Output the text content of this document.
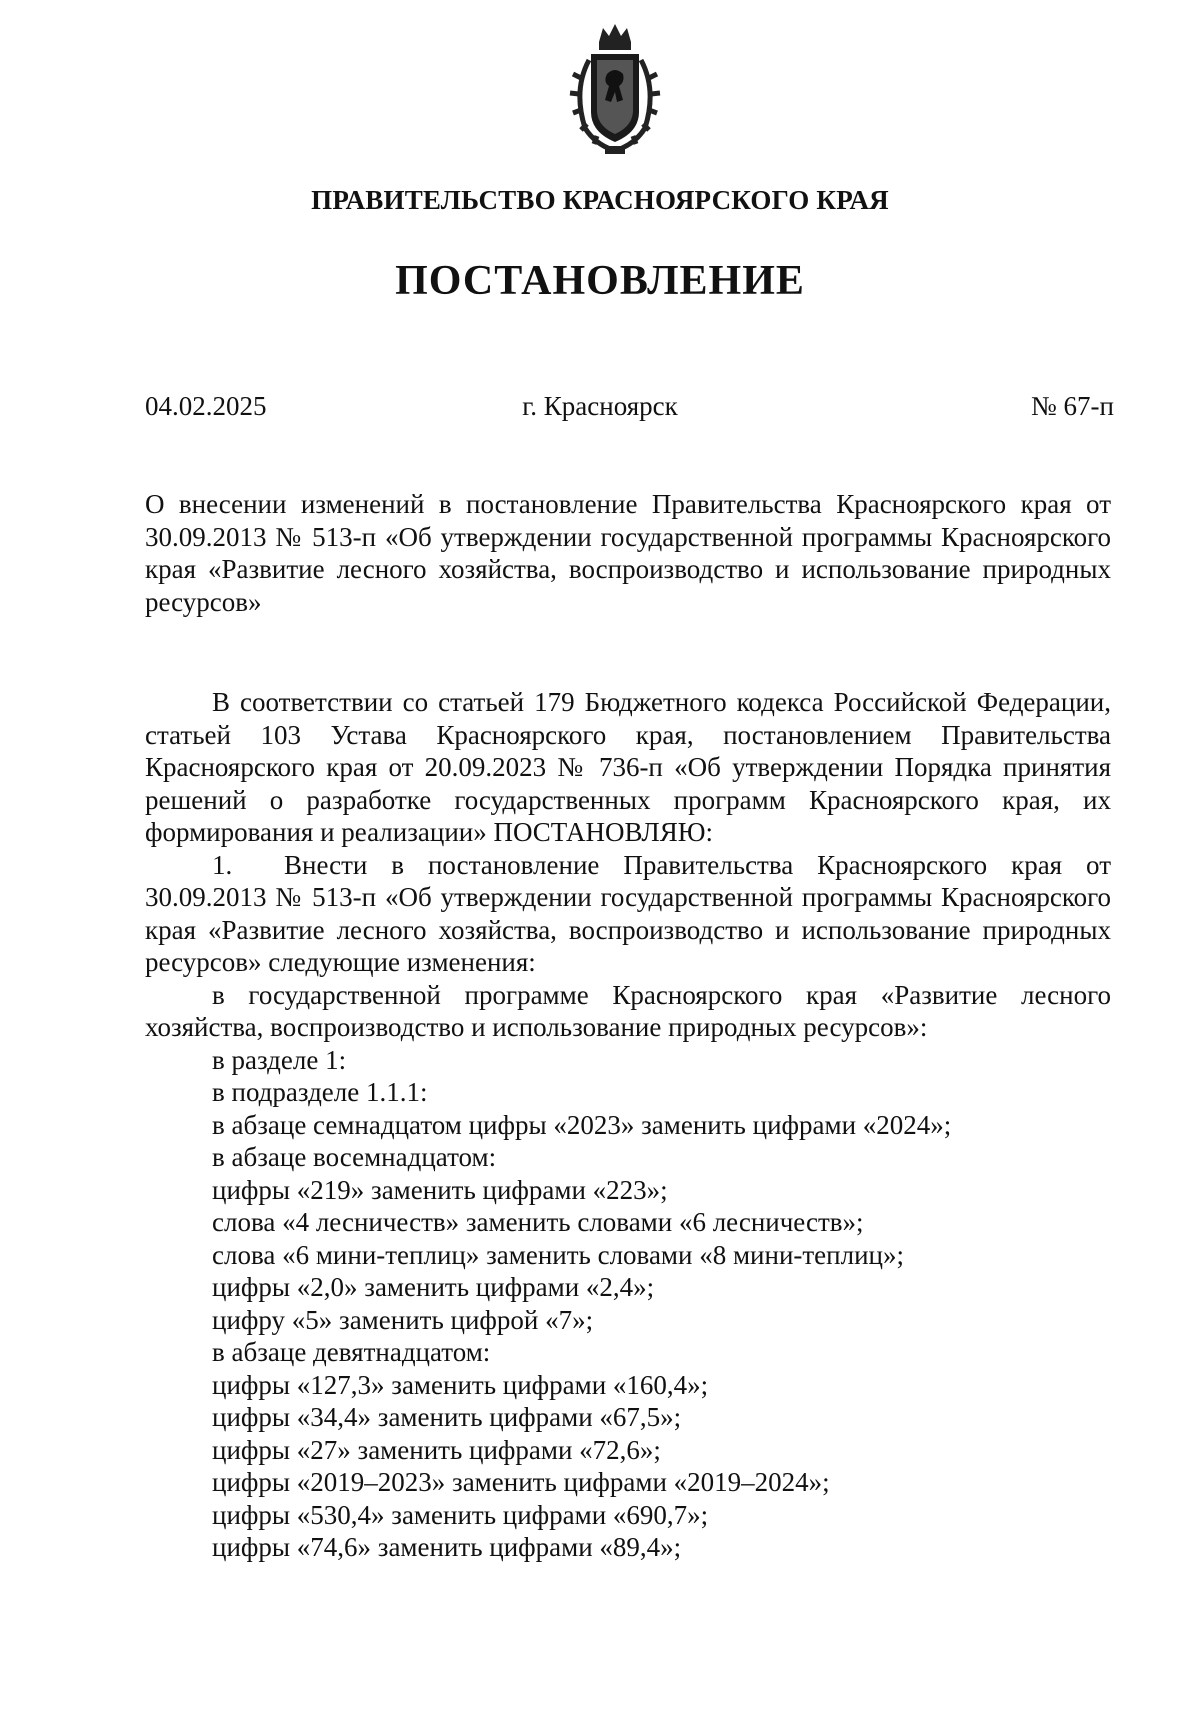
ПРАВИТЕЛЬСТВО КРАСНОЯРСКОГО КРАЯ
ПОСТАНОВЛЕНИЕ
04.02.2025	г. Красноярск	№ 67-п
О внесении изменений в постановление Правительства Красноярского края от 30.09.2013 № 513-п «Об утверждении государственной программы Красноярского края «Развитие лесного хозяйства, воспроизводство и использование природных ресурсов»

В соответствии со статьей 179 Бюджетного кодекса Российской Федерации, статьей 103 Устава Красноярского края, постановлением Правительства Красноярского края от 20.09.2023 № 736-п «Об утверждении Порядка принятия решений о разработке государственных программ Красноярского края, их формирования и реализации» ПОСТАНОВЛЯЮ:

1. Внести в постановление Правительства Красноярского края от 30.09.2013 № 513-п «Об утверждении государственной программы Красноярского края «Развитие лесного хозяйства, воспроизводство и использование природных ресурсов» следующие изменения:

в государственной программе Красноярского края «Развитие лесного хозяйства, воспроизводство и использование природных ресурсов»:

в разделе 1:
в подразделе 1.1.1:
в абзаце семнадцатом цифры «2023» заменить цифрами «2024»;
в абзаце восемнадцатом:
цифры «219» заменить цифрами «223»;
слова «4 лесничеств» заменить словами «6 лесничеств»;
слова «6 мини-теплиц» заменить словами «8 мини-теплиц»;
цифры «2,0» заменить цифрами «2,4»;
цифру «5» заменить цифрой «7»;
в абзаце девятнадцатом:
цифры «127,3» заменить цифрами «160,4»;
цифры «34,4» заменить цифрами «67,5»;
цифры «27» заменить цифрами «72,6»;
цифры «2019–2023» заменить цифрами «2019–2024»;
цифры «530,4» заменить цифрами «690,7»;
цифры «74,6» заменить цифрами «89,4»;
